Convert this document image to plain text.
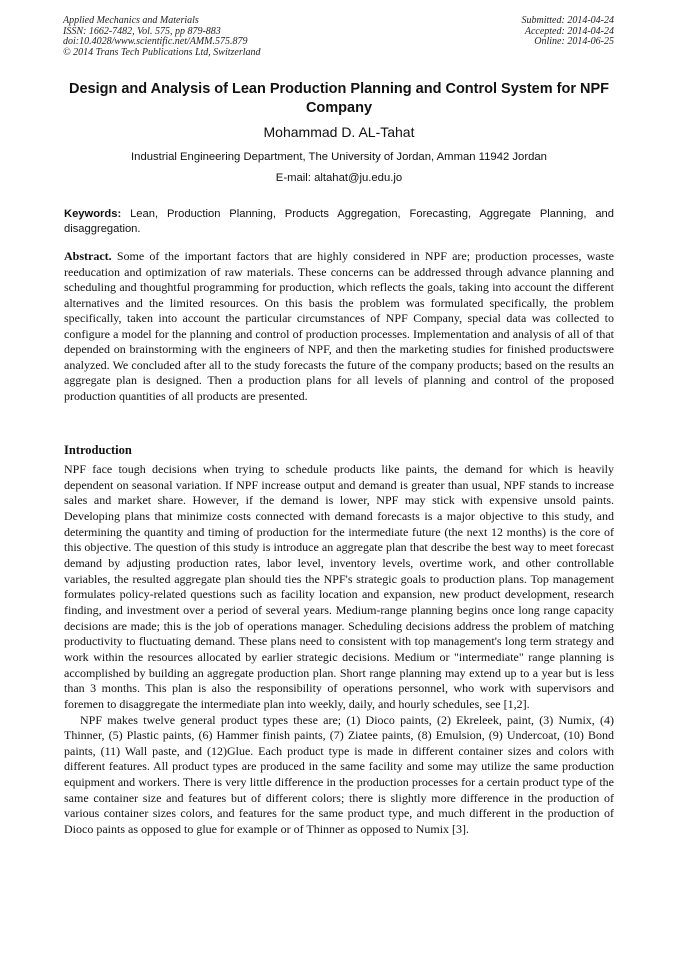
Applied Mechanics and Materials
ISSN: 1662-7482, Vol. 575, pp 879-883
doi:10.4028/www.scientific.net/AMM.575.879
© 2014 Trans Tech Publications Ltd, Switzerland
Submitted: 2014-04-24
Accepted: 2014-04-24
Online: 2014-06-25
Design and Analysis of Lean Production Planning and Control System for NPF Company
Mohammad D. AL-Tahat
Industrial Engineering Department, The University of Jordan, Amman 11942 Jordan
E-mail: altahat@ju.edu.jo
Keywords: Lean, Production Planning, Products Aggregation, Forecasting, Aggregate Planning, and disaggregation.
Abstract. Some of the important factors that are highly considered in NPF are; production processes, waste reeducation and optimization of raw materials. These concerns can be addressed through advance planning and scheduling and thoughtful programming for production, which reflects the goals, taking into account the different alternatives and the limited resources. On this basis the problem was formulated specifically, the problem specifically, taken into account the particular circumstances of NPF Company, special data was collected to configure a model for the planning and control of production processes. Implementation and analysis of all of that depended on brainstorming with the engineers of NPF, and then the marketing studies for finished productswere analyzed. We concluded after all to the study forecasts the future of the company products; based on the results an aggregate plan is designed. Then a production plans for all levels of planning and control of the proposed production quantities of all products are presented.
Introduction

NPF face tough decisions when trying to schedule products like paints, the demand for which is heavily dependent on seasonal variation. If NPF increase output and demand is greater than usual, NPF stands to increase sales and market share. However, if the demand is lower, NPF may stick with expensive unsold paints. Developing plans that minimize costs connected with demand forecasts is a major objective to this study, and determining the quantity and timing of production for the intermediate future (the next 12 months) is the core of this objective. The question of this study is introduce an aggregate plan that describe the best way to meet forecast demand by adjusting production rates, labor level, inventory levels, overtime work, and other controllable variables, the resulted aggregate plan should ties the NPF's strategic goals to production plans. Top management formulates policy-related questions such as facility location and expansion, new product development, research finding, and investment over a period of several years. Medium-range planning begins once long range capacity decisions are made; this is the job of operations manager. Scheduling decisions address the problem of matching productivity to fluctuating demand. These plans need to consistent with top management's long term strategy and work within the resources allocated by earlier strategic decisions. Medium or "intermediate" range planning is accomplished by building an aggregate production plan. Short range planning may extend up to a year but is less than 3 months. This plan is also the responsibility of operations personnel, who work with supervisors and foremen to disaggregate the intermediate plan into weekly, daily, and hourly schedules, see [1,2].

NPF makes twelve general product types these are; (1) Dioco paints, (2) Ekreleek, paint, (3) Numix, (4) Thinner, (5) Plastic paints, (6) Hammer finish paints, (7) Ziatee paints, (8) Emulsion, (9) Undercoat, (10) Bond paints, (11) Wall paste, and (12)Glue. Each product type is made in different container sizes and colors with different features. All product types are produced in the same facility and some may utilize the same production equipment and workers. There is very little difference in the production processes for a certain product type of the same container size and features but of different colors; there is slightly more difference in the production of various container sizes colors, and features for the same product type, and much different in the production of Dioco paints as opposed to glue for example or of Thinner as opposed to Numix [3].
